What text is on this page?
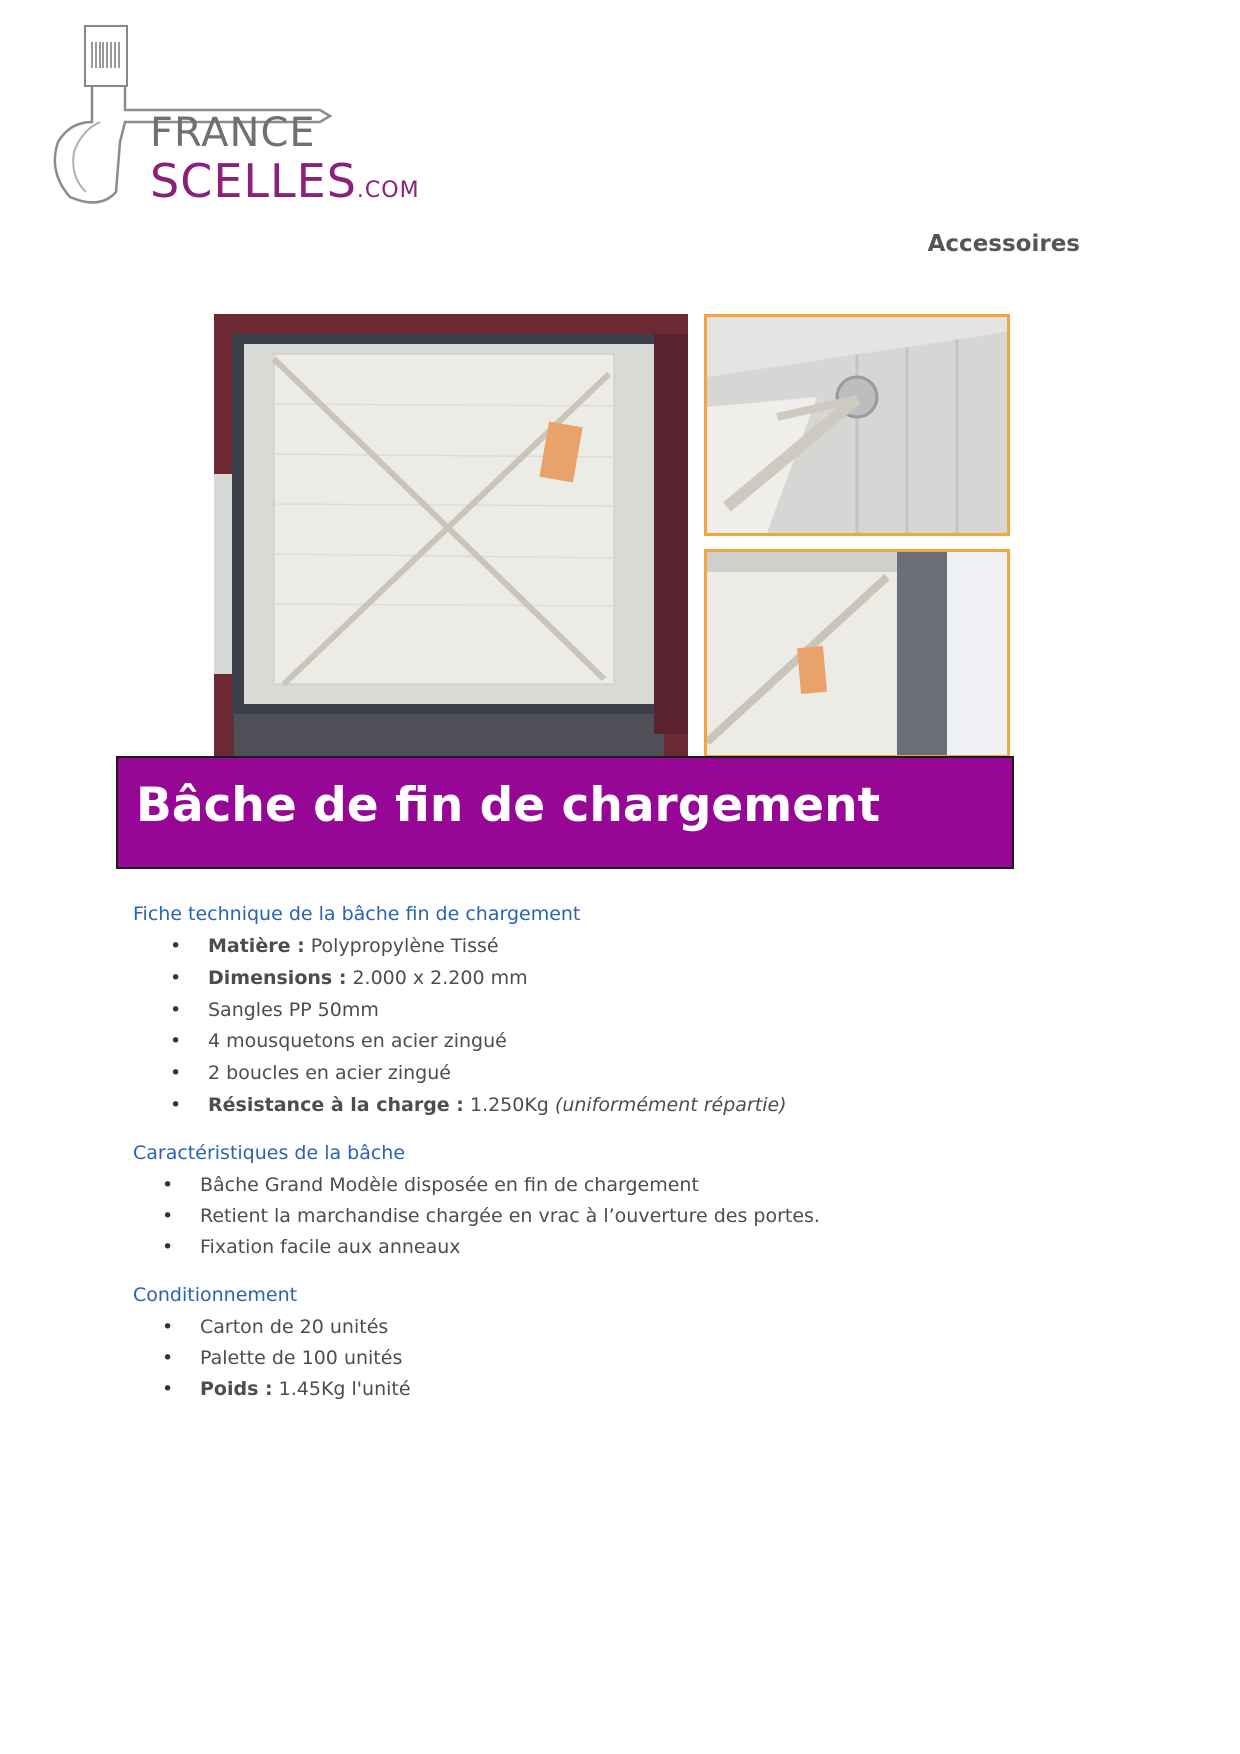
FRANCE
SCELLES.COM
Accessoires
Bâche de fin de chargement
Fiche technique de la bâche fin de chargement
• Matière : Polypropylène Tissé
• Dimensions : 2.000 x 2.200 mm
• Sangles PP 50mm
• 4 mousquetons en acier zingué
• 2 boucles en acier zingué
• Résistance à la charge : 1.250Kg (uniformément répartie)
Caractéristiques de la bâche
• Bâche Grand Modèle disposée en fin de chargement
• Retient la marchandise chargée en vrac à l’ouverture des portes.
• Fixation facile aux anneaux
Conditionnement
• Carton de 20 unités
• Palette de 100 unités
• Poids : 1.45Kg l'unité
